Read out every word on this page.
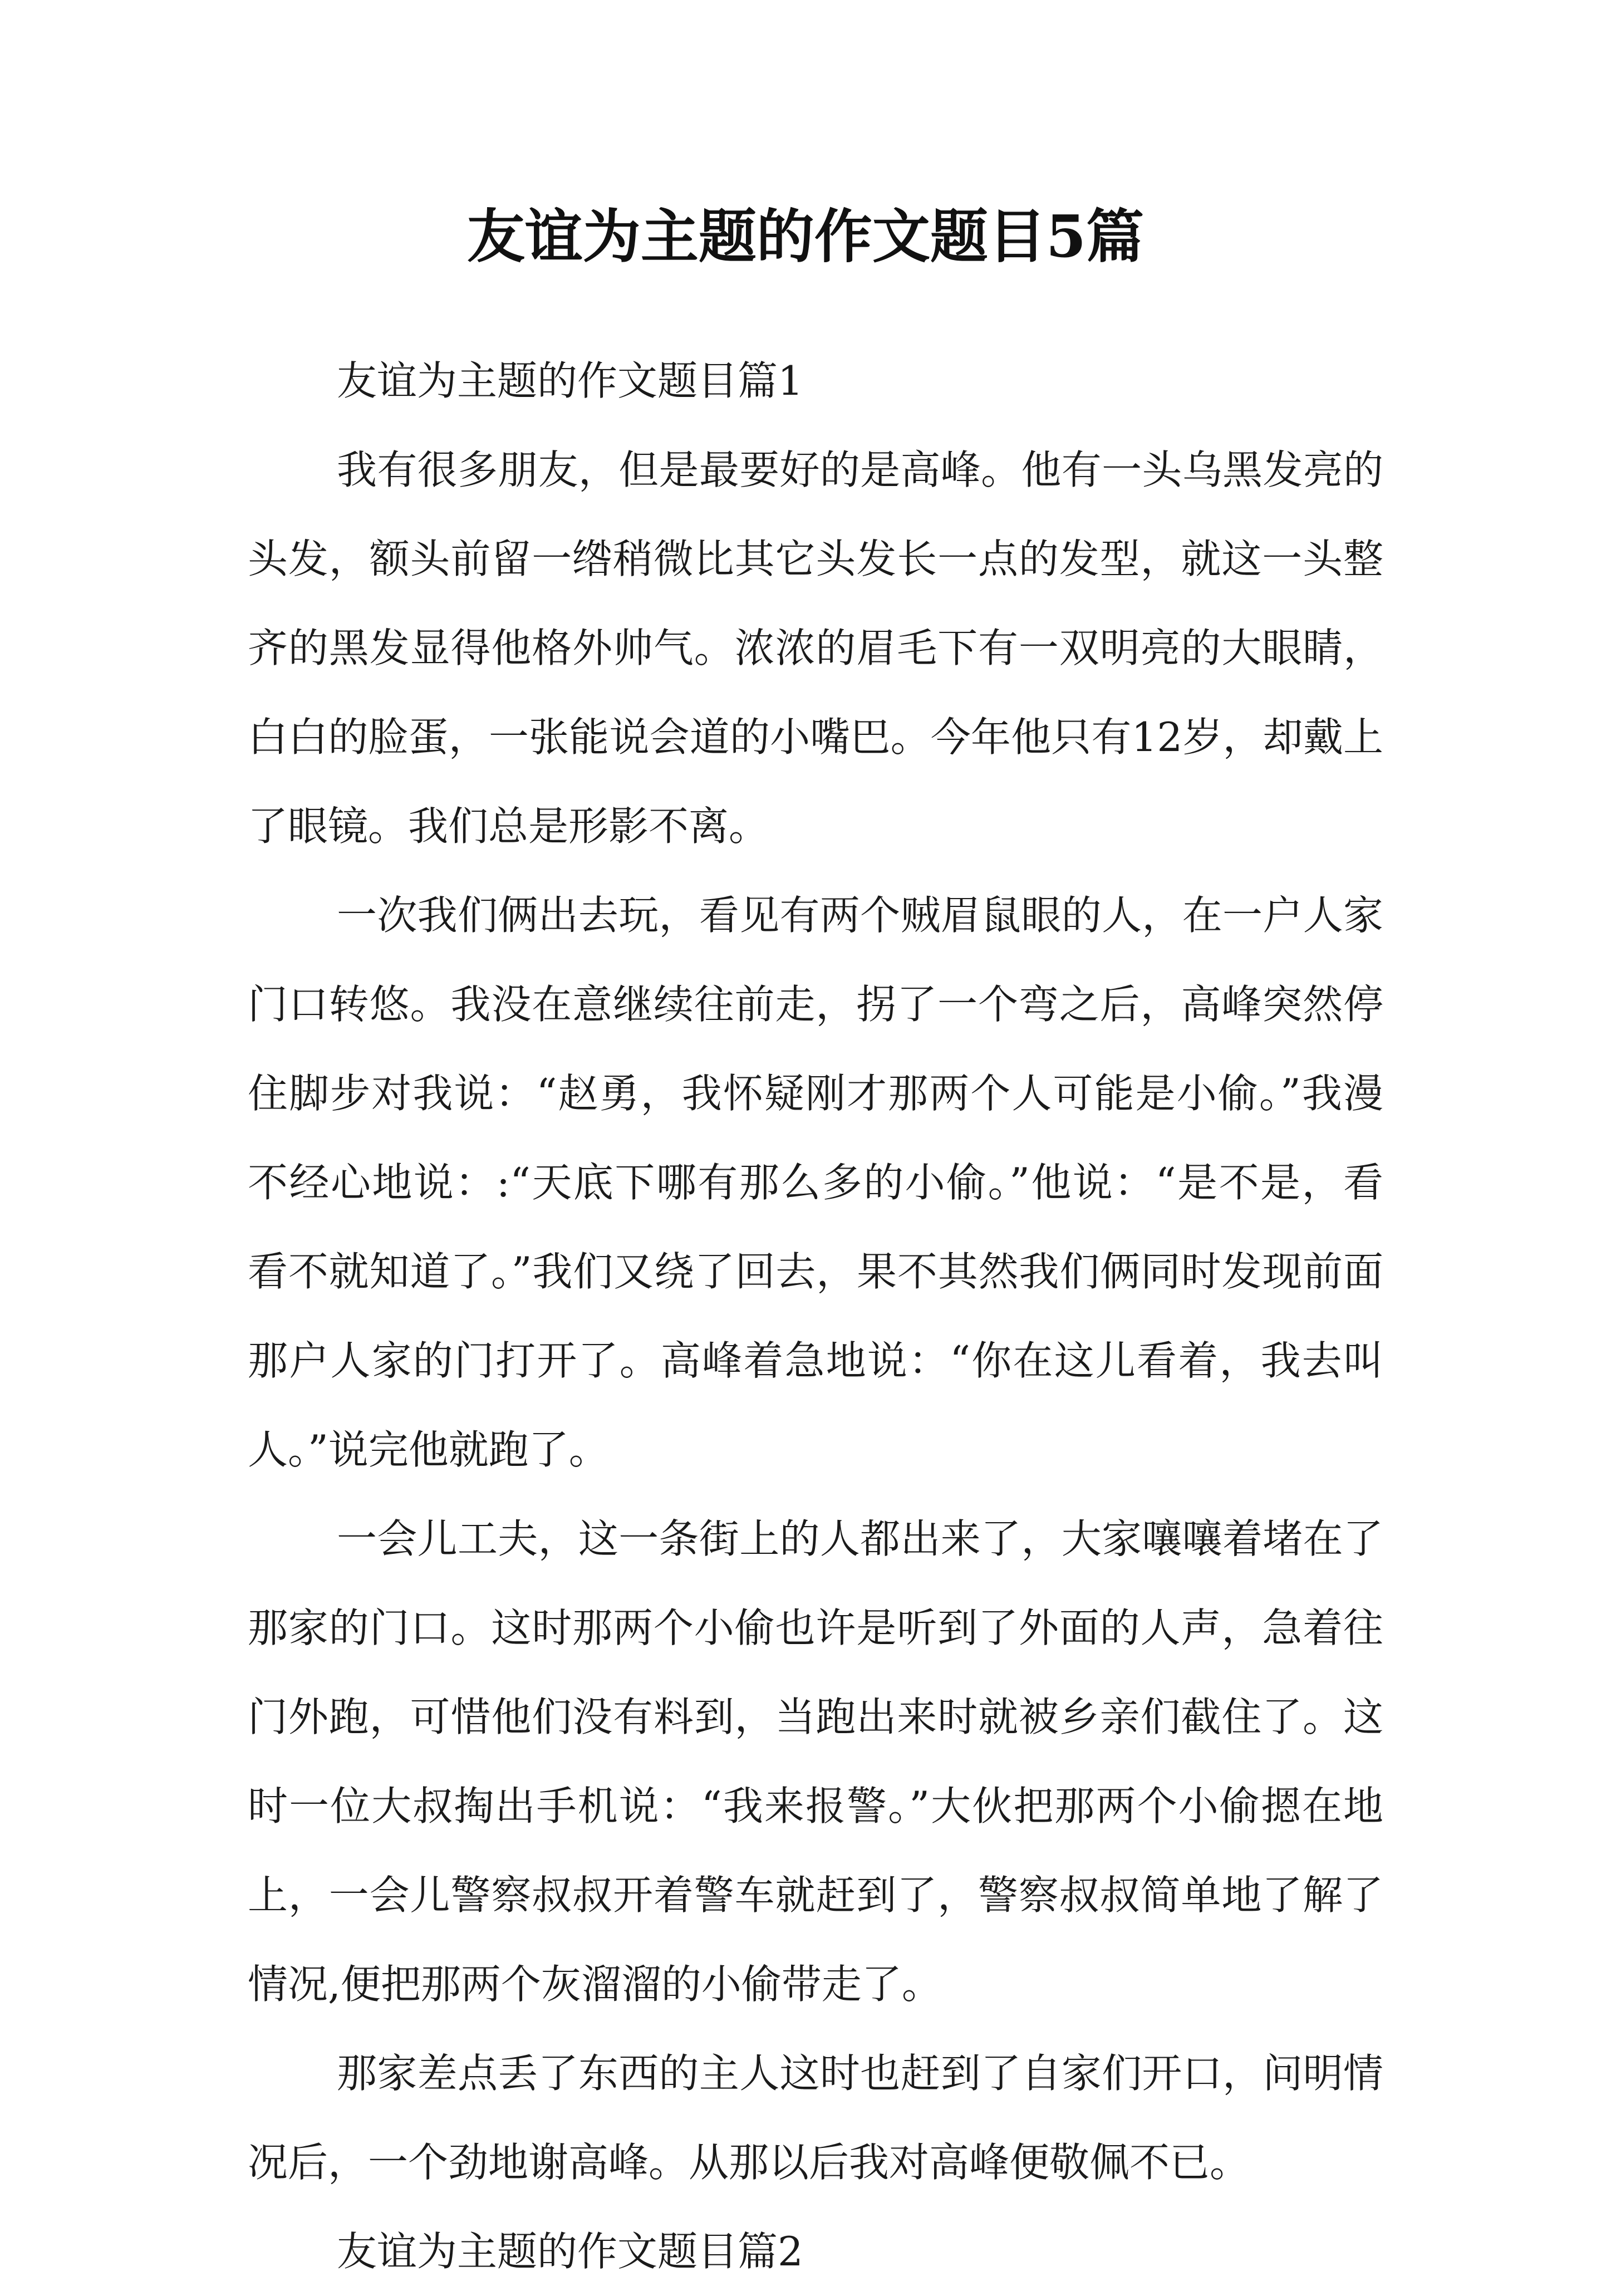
友谊为主题的作文题目5篇

友谊为主题的作文题目篇1

我有很多朋友，但是最要好的是高峰。他有一头乌黑发亮的头发，额头前留一绺稍微比其它头发长一点的发型，就这一头整齐的黑发显得他格外帅气。浓浓的眉毛下有一双明亮的大眼睛，白白的脸蛋，一张能说会道的小嘴巴。今年他只有12岁，却戴上了眼镜。我们总是形影不离。

一次我们俩出去玩，看见有两个贼眉鼠眼的人，在一户人家门口转悠。我没在意继续往前走，拐了一个弯之后，高峰突然停住脚步对我说：“赵勇，我怀疑刚才那两个人可能是小偷。”我漫不经心地说：:“天底下哪有那么多的小偷。”他说：“是不是，看看不就知道了。”我们又绕了回去，果不其然我们俩同时发现前面那户人家的门打开了。高峰着急地说：“你在这儿看着，我去叫人。”说完他就跑了。

一会儿工夫，这一条街上的人都出来了，大家嚷嚷着堵在了那家的门口。这时那两个小偷也许是听到了外面的人声，急着往门外跑，可惜他们没有料到，当跑出来时就被乡亲们截住了。这时一位大叔掏出手机说：“我来报警。”大伙把那两个小偷摁在地上，一会儿警察叔叔开着警车就赶到了，警察叔叔简单地了解了情况,便把那两个灰溜溜的小偷带走了。

那家差点丢了东西的主人这时也赶到了自家们开口，问明情况后，一个劲地谢高峰。从那以后我对高峰便敬佩不已。

友谊为主题的作文题目篇2
